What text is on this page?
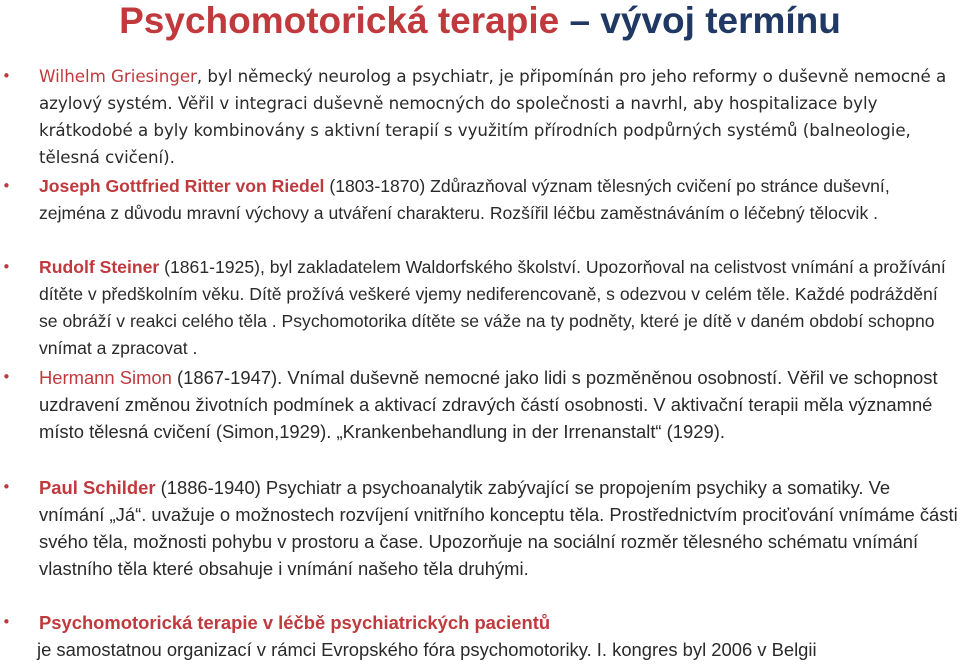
Psychomotorická terapie – vývoj termínu
• Wilhelm Griesinger, byl německý neurolog a psychiatr, je připomínán pro jeho reformy o duševně nemocné a azylový systém. Věřil v integraci duševně nemocných do společnosti a navrhl, aby hospitalizace byly krátkodobé a byly kombinovány s aktivní terapií s využitím přírodních podpůrných systémů (balneologie, tělesná cvičení).
• Joseph Gottfried Ritter von Riedel (1803-1870) Zdůrazňoval význam tělesných cvičení po stránce duševní, zejména z důvodu mravní výchovy a utváření charakteru. Rozšířil léčbu zaměstnáváním o léčebný tělocvik .
• Rudolf Steiner (1861-1925), byl zakladatelem Waldorfského školství. Upozorňoval na celistvost vnímání a prožívání dítěte v předškolním věku. Dítě prožívá veškeré vjemy nediferencovaně, s odezvou v celém těle. Každé podráždění se obráží v reakci celého těla . Psychomotorika dítěte se váže na ty podněty, které je dítě v daném období schopno vnímat a zpracovat .
• Hermann Simon (1867-1947). Vnímal duševně nemocné jako lidi s pozměněnou osobností. Věřil ve schopnost uzdravení změnou životních podmínek a aktivací zdravých částí osobnosti. V aktivační terapii měla významné místo tělesná cvičení (Simon,1929). „Krankenbehandlung in der Irrenanstalt“ (1929).
• Paul Schilder (1886-1940) Psychiatr a psychoanalytik zabývající se propojením psychiky a somatiky. Ve vnímání „Já“. uvažuje o možnostech rozvíjení vnitřního konceptu těla. Prostřednictvím prociťování vnímáme části svého těla, možnosti pohybu v prostoru a čase. Upozorňuje na sociální rozměr tělesného schématu vnímání vlastního těla které obsahuje i vnímání našeho těla druhými.
• Psychomotorická terapie v léčbě psychiatrických pacientů
je samostatnou organizací v rámci Evropského fóra psychomotoriky. I. kongres byl 2006 v Belgii
